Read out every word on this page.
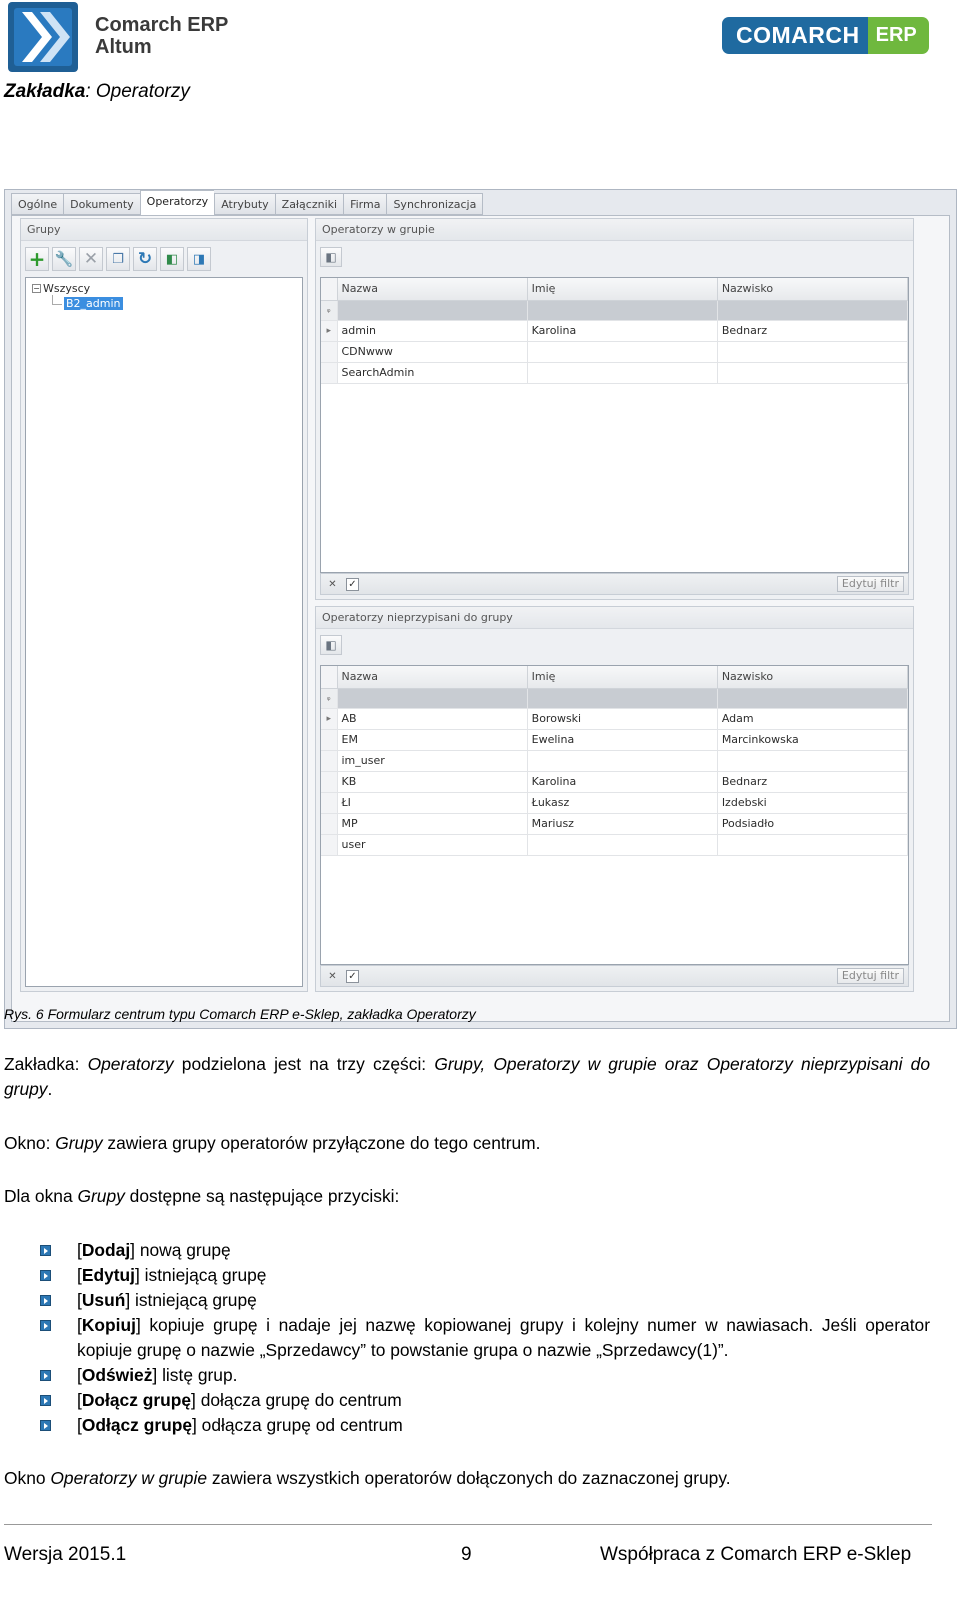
Comarch ERP
Altum	COMARCH ERP
Zakładka: Operatorzy
Ogólne	Dokumenty	Operatorzy	Atrybuty	Załączniki	Firma	Synchronizacja
Grupy
+ 🔧 ✕ ❐ ↻ ◧ ◨
− Wszyscy
B2_admin
Operatorzy w grupie
◧
	Nazwa	Imię	Nazwisko
ᵩ			
▸	admin	Karolina	Bednarz
	CDNwww		
	SearchAdmin		
✕	✓	Edytuj filtr
Operatorzy nieprzypisani do grupy
◧
	Nazwa	Imię	Nazwisko
ᵩ			
▸	AB	Borowski	Adam
	EM	Ewelina	Marcinkowska
	im_user		
	KB	Karolina	Bednarz
	ŁI	Łukasz	Izdebski
	MP	Mariusz	Podsiadło
	user		
✕	✓	Edytuj filtr
Rys. 6 Formularz centrum typu Comarch ERP e-Sklep, zakładka Operatorzy

Zakładka: Operatorzy podzielona jest na trzy części: Grupy, Operatorzy w grupie oraz Operatorzy nieprzypisani do grupy.

Okno: Grupy zawiera grupy operatorów przyłączone do tego centrum.

Dla okna Grupy dostępne są następujące przyciski:

[Dodaj] nową grupę
[Edytuj] istniejącą grupę
[Usuń] istniejącą grupę
[Kopiuj] kopiuje grupę i nadaje jej nazwę kopiowanej grupy i kolejny numer w nawiasach. Jeśli operator kopiuje grupę o nazwie „Sprzedawcy” to powstanie grupa o nazwie „Sprzedawcy(1)”.
[Odśwież] listę grup.
[Dołącz grupę] dołącza grupę do centrum
[Odłącz grupę] odłącza grupę od centrum

Okno Operatorzy w grupie zawiera wszystkich operatorów dołączonych do zaznaczonej grupy.

Wersja 2015.1	9	Współpraca z Comarch ERP e-Sklep
